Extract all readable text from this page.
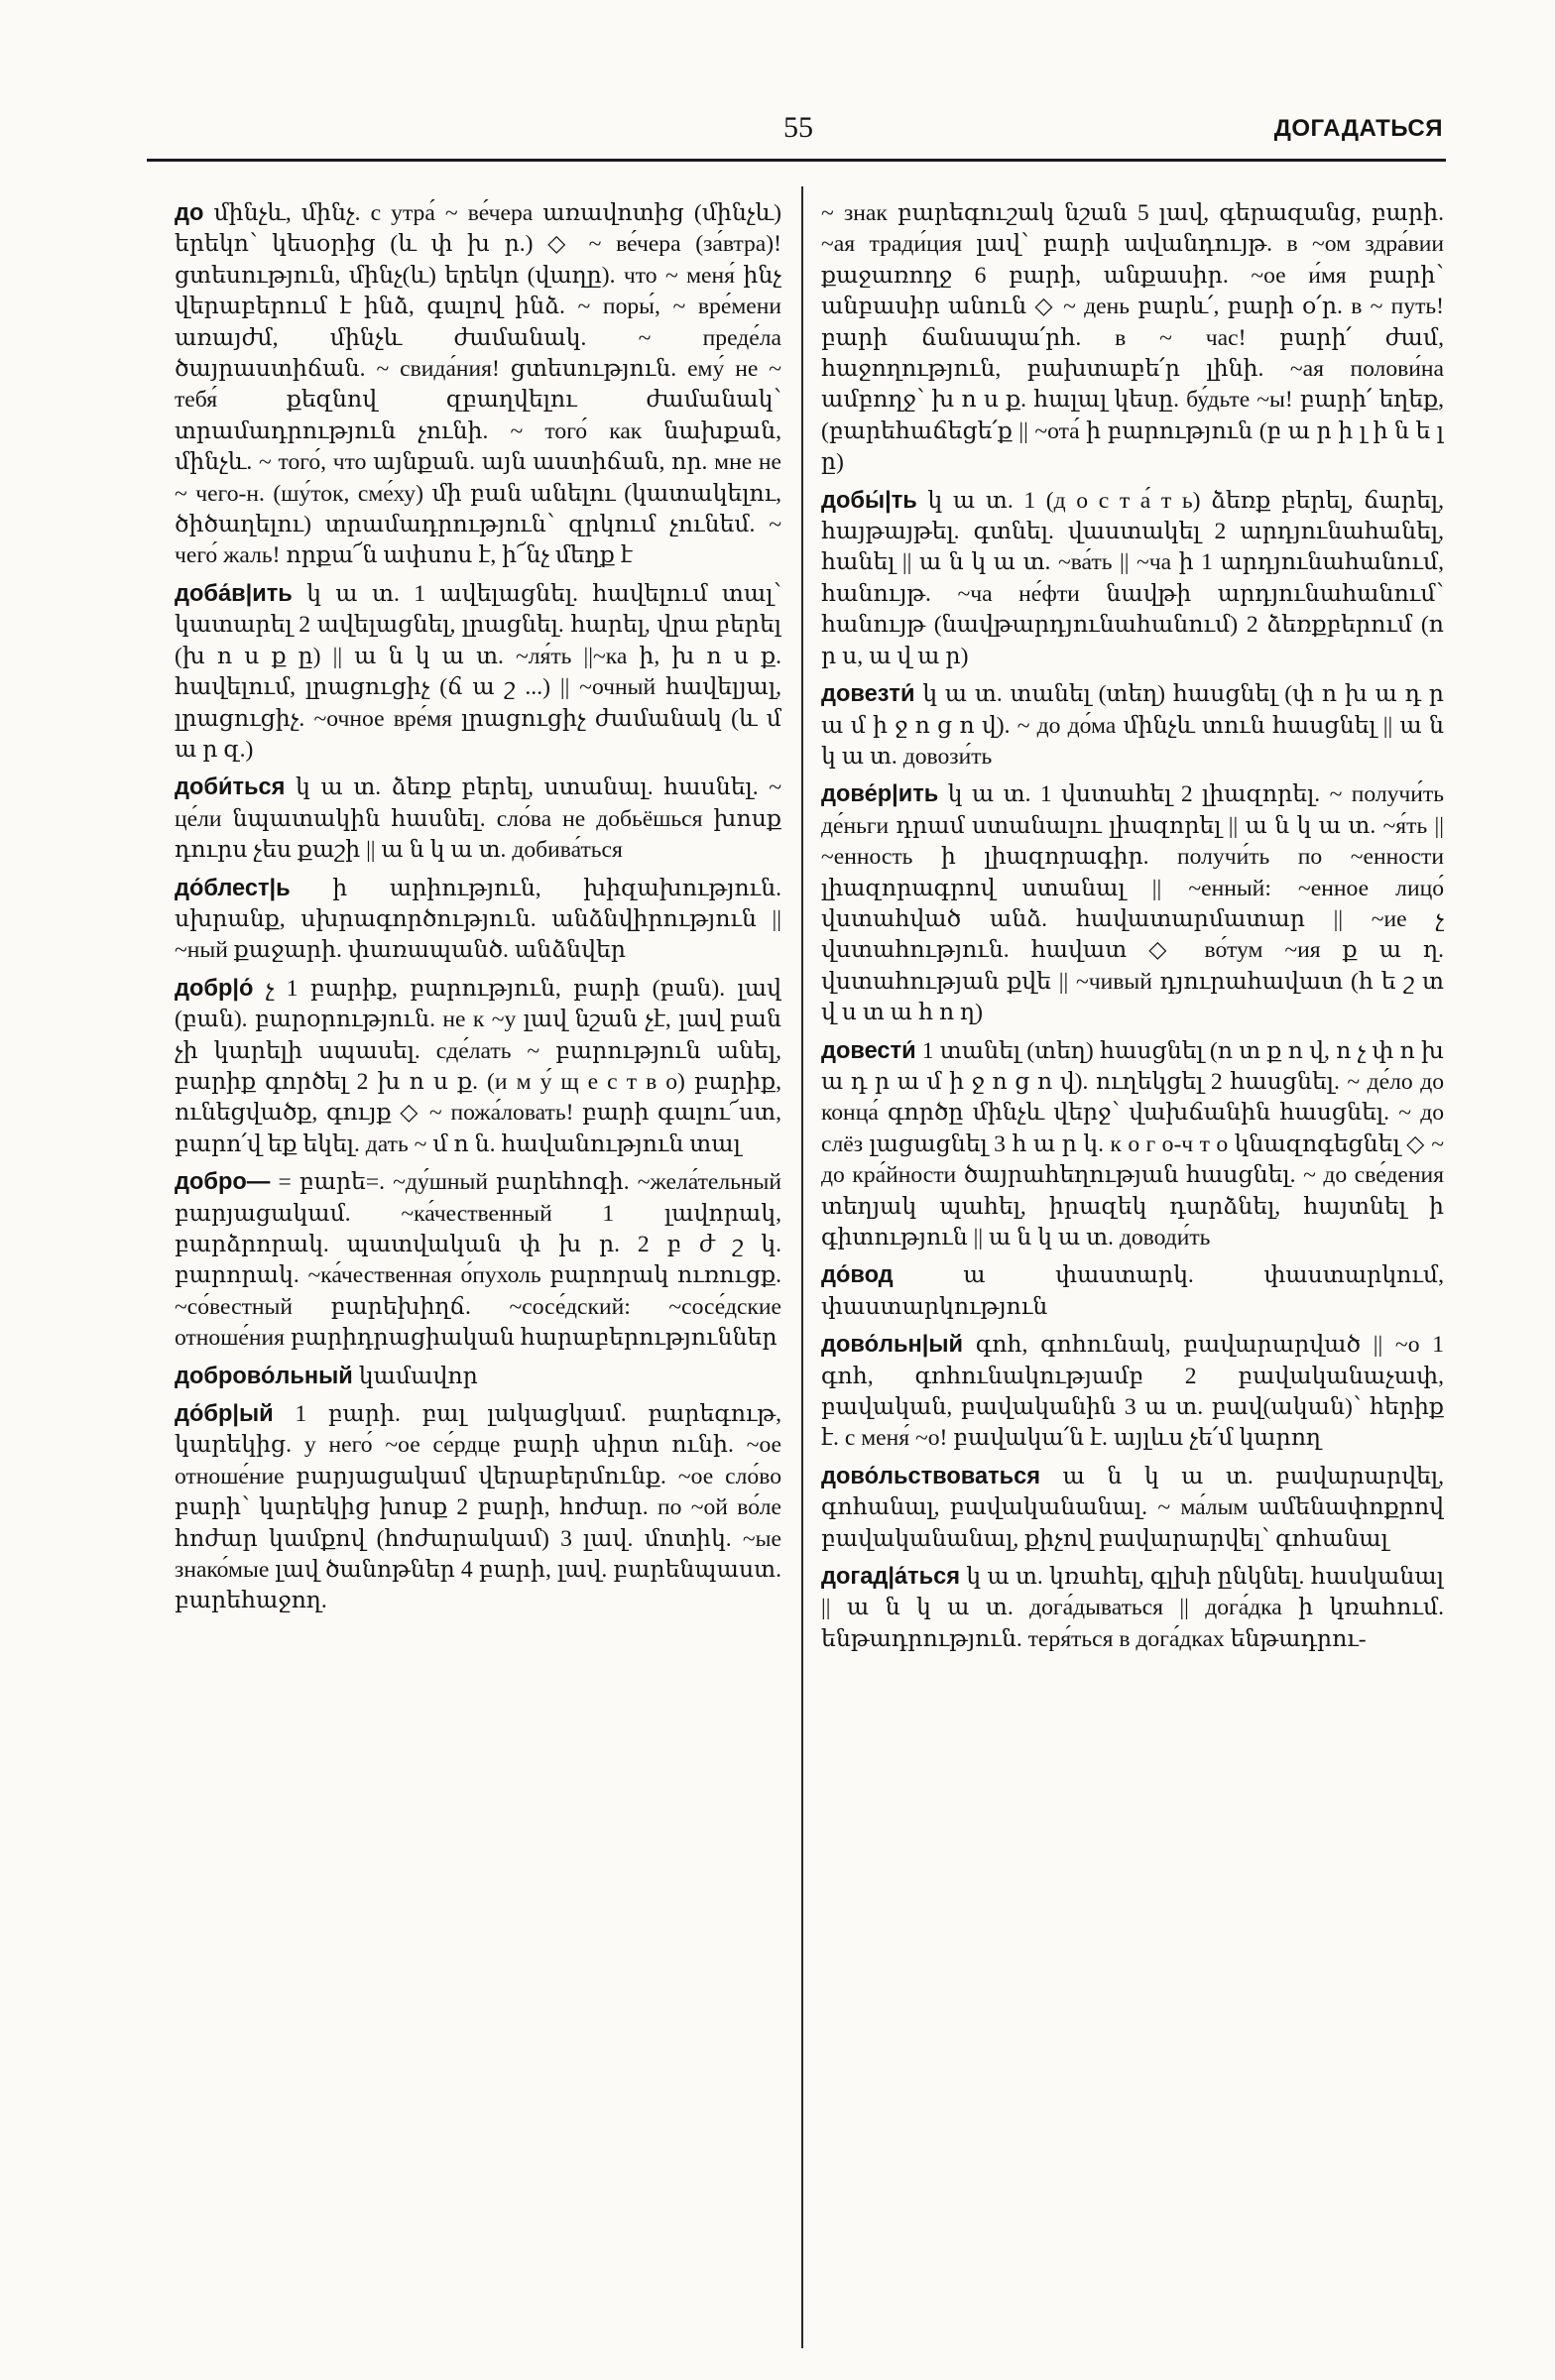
55	ДОГАДАТЬСЯ

до մինչև, մինչ. с утра́ ~ ве́чера առավոտից (մինչև) երեկո՝ կեսօրից (և փ խ ր.) ◇ ~ ве́чера (за́втра)! ցտեսություն, մինչ(և) երեկո (վաղը). что ~ меня́ ինչ վերաբերում է ինձ, գալով ինձ. ~ поры́, ~ вре́мени առայժմ, մինչև ժամանակ. ~ преде́ла ծայրաստիճան. ~ свида́ния! ցտեսություն. ему́ не ~ тебя́ քեզնով զբաղվելու ժամանակ՝ տրամադրություն չունի. ~ того́ как նախքան, մինչև. ~ того́, что այնքան. այն աստիճան, որ. мне не ~ чего-н. (шу́ток, сме́ху) մի բան անելու (կատակելու, ծիծաղելու) տրամադրություն՝ զրկում չունեմ. ~ чего́ жаль! որքա՜ն ափսոս է, ի՜նչ մեղք է

доба́в|ить կ ա տ. 1 ավելացնել. հավելում տալ՝ կատարել 2 ավելացնել, լրացնել. հարել, վրա բերել (խ ո ս ք ը) || ա ն կ ա տ. ~ля́ть ||~ка ի, խ ո ս ք. հավելում, լրացուցիչ (ճ ա շ ...) || ~очный հավելյալ, լրացուցիչ. ~очное вре́мя լրացուցիչ ժամանակ (և մ ա ր զ.)

доби́ться կ ա տ. ձեռք բերել, ստանալ. հասնել. ~ це́ли նպատակին հասնել. сло́ва не добьёшься խոսք դուրս չես քաշի || ա ն կ ա տ. добива́ться

до́блест|ь ի արիություն, խիզախություն. սխրանք, սխրագործություն. անձնվիրություն || ~ный քաջարի. փառապանծ. անձնվեր

добр|о́ չ 1 բարիք, բարություն, բարի (բան). լավ (բան). բարօրություն. не к ~у լավ նշան չէ, լավ բան չի կարելի սպասել. сде́лать ~ բարություն անել, բարիք գործել 2 խ ո ս ք. (и м у́ щ е с т в о) բարիք, ունեցվածք, գույք ◇ ~ пожа́ловать! բարի գալու՜ստ, բարո՛վ եք եկել. дать ~ մ ո ն. հավանություն տալ

добро— = բարե=. ~ду́шный բարեհոգի. ~жела́тельный բարյացակամ. ~ка́чественный 1 լավորակ, բարձրորակ. պատվական փ խ ր. 2 բ ժ շ կ. բարորակ. ~ка́чественная о́пухоль բարորակ ուռուցք. ~со́вестный բարեխիղճ. ~сосе́дский: ~сосе́дские отноше́ния բարիդրացիական հարաբերություններ

доброво́льный կամավոր

до́бр|ый 1 բարի. բալ լակացկամ. բարեգութ, կարեկից. у него́ ~ое се́рдце բարի սիրտ ունի. ~ое отноше́ние բարյացակամ վերաբերմունք. ~ое сло́во բարի՝ կարեկից խոսք 2 բարի, հոժար. по ~ой во́ле հոժար կամքով (հոժարակամ) 3 լավ. մոտիկ. ~ые знако́мые լավ ծանոթներ 4 բարի, լավ. բարենպաստ. բարեհաջող.

~ знак բարեգուշակ նշան 5 լավ, գերազանց, բարի. ~ая тради́ция լավ՝ բարի ավանդույթ. в ~ом здра́вии քաջառողջ 6 բարի, անքասիր. ~ое и́мя բարի՝ անբասիր անուն ◇ ~ день բարև՛, բարի օ՛ր. в ~ путь! բարի ճանապա՛րհ. в ~ час! բարի՛ ժամ, հաջողություն, բախտաբե՛ր լինի. ~ая полови́на ամբողջ՝ խ ո ս ք. հալալ կեսը. бу́дьте ~ы! բարի՛ եղեք, (բարեհաճեցե՛ք || ~ота́ ի բարություն (բ ա ր ի լ ի ն ե լ ը)

добы́|ть կ ա տ. 1 (д о с т а́ т ь) ձեռք բերել, ճարել, հայթայթել. գտնել. վաստակել 2 արդյունահանել, հանել || ա ն կ ա տ. ~ва́ть || ~ча ի 1 արդյունահանում, հանույթ. ~ча не́фти նավթի արդյունահանում՝ հանույթ (նավթարդյունահանում) 2 ձեռքբերում (ո ր ս, ա վ ա ր)

довезти́ կ ա տ. տանել (տեղ) հասցնել (փ ո խ ա դ ր ա մ ի ջ ո ց ո վ). ~ до до́ма մինչև տուն հասցնել || ա ն կ ա տ. довози́ть

дове́р|ить կ ա տ. 1 վստահել 2 լիազորել. ~ получи́ть де́ньги դրամ ստանալու լիազորել || ա ն կ ա տ. ~я́ть || ~енность ի լիազորագիր. получи́ть по ~енности լիազորագրով ստանալ || ~енный: ~енное лицо́ վստահված անձ. հավատարմատար || ~ие չ վստահություն. հավատ ◇ во́тум ~ия ք ա ղ. վստահության քվե || ~чивый դյուրահավատ (հ ե շ տ վ ս տ ա հ ո ղ)

довести́ 1 տանել (տեղ) հասցնել (ո տ ք ո վ, ո չ փ ո խ ա դ ր ա մ ի ջ ո ց ո վ). ուղեկցել 2 հասցնել. ~ де́ло до конца́ գործը մինչև վերջ՝ վախճանին հասցնել. ~ до слёз լացացնել 3 հ ա ր կ. к о г о-ч т о կնազոգեցնել ◇ ~ до кра́йности ծայրահեղության հասցնել. ~ до све́дения տեղյակ պահել, իրազեկ դարձնել, հայտնել ի գիտություն || ա ն կ ա տ. доводи́ть

до́вод	ա փաստարկ. փաստարկում, փաստարկություն

дово́льн|ый գոհ, գոհունակ, բավարարված || ~о 1 գոհ, գոհունակությամբ 2 բավականաչափ, բավական, բավականին 3 ա տ. բավ(ական)՝ հերիք է. с меня́ ~о! բավակա՛ն է. այլևս չե՛մ կարող

дово́льствоваться ա ն կ ա տ. բավարարվել, գոհանալ, բավականանալ. ~ ма́лым ամենափոքրով բավականանալ, քիչով բավարարվել՝ գոհանալ

догад|а́ться կ ա տ. կռահել, գլխի ընկնել. հասկանալ || ա ն կ ա տ. дога́дываться || дога́дка ի կռահում. ենթադրություն. теря́ться в дога́дках ենթադրու-
